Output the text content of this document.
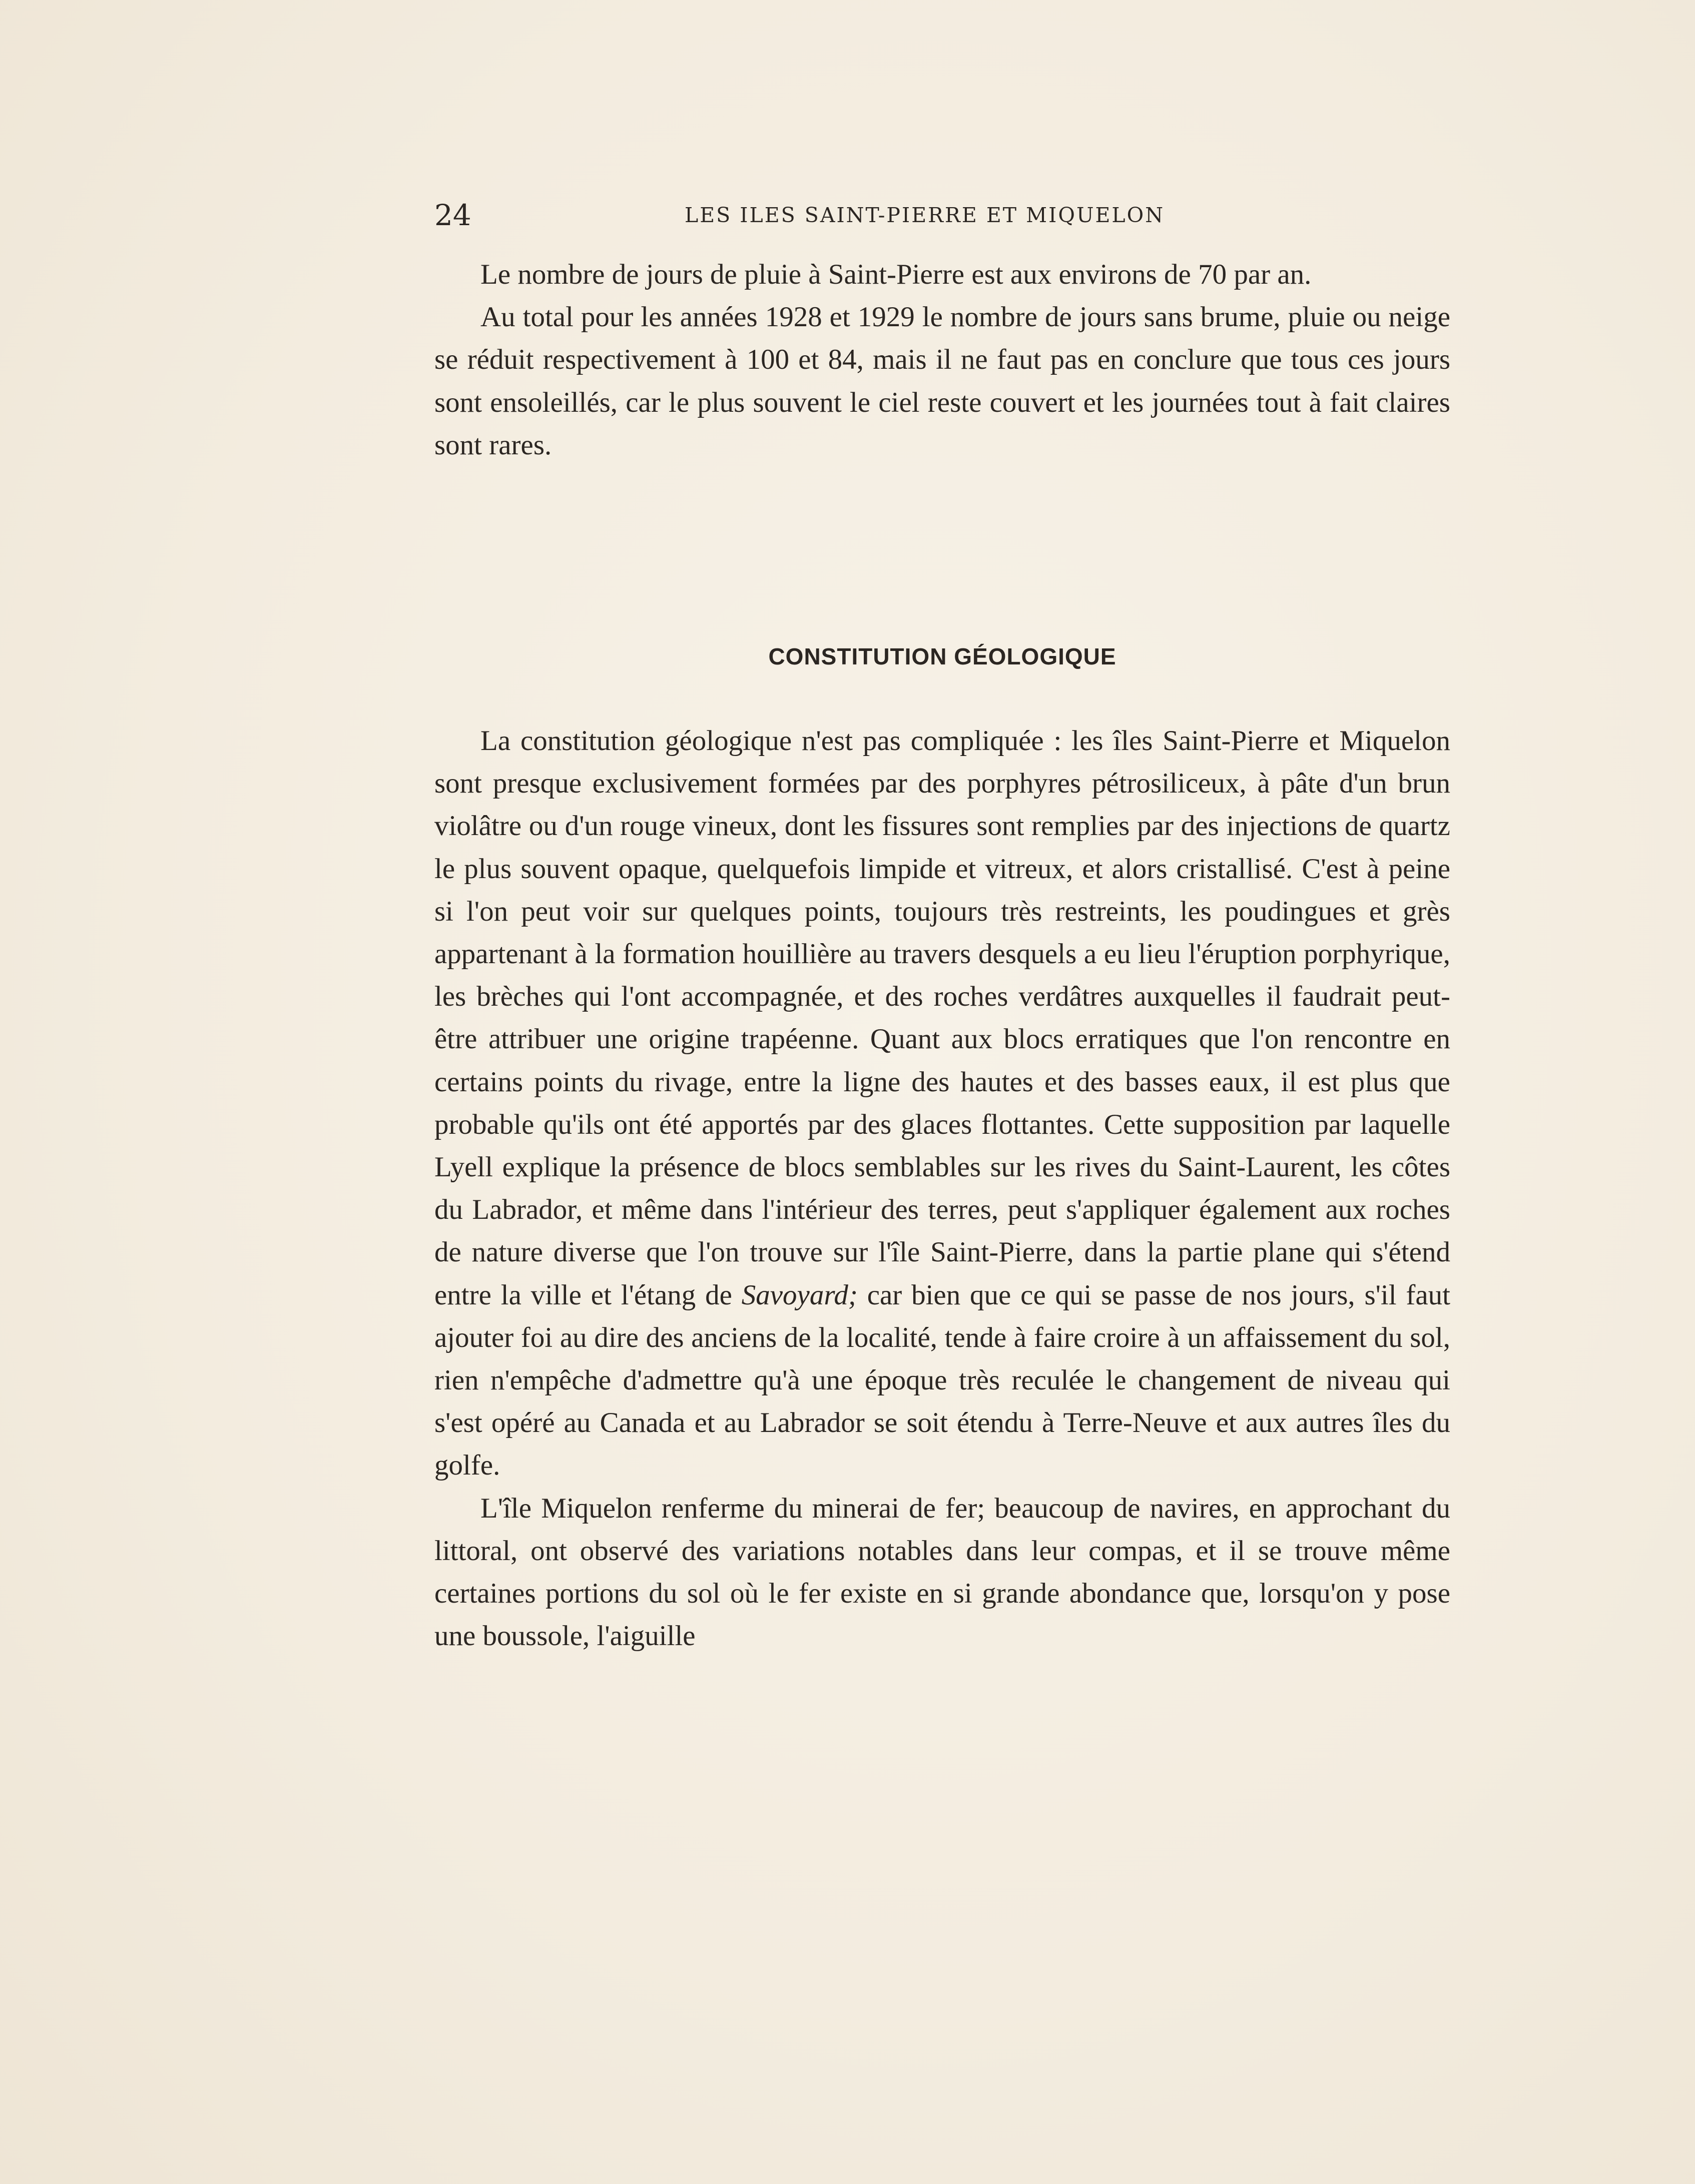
24	LES ILES SAINT-PIERRE ET MIQUELON

Le nombre de jours de pluie à Saint-Pierre est aux environs de 70 par an.

Au total pour les années 1928 et 1929 le nombre de jours sans brume, pluie ou neige se réduit respectivement à 100 et 84, mais il ne faut pas en conclure que tous ces jours sont ensoleillés, car le plus souvent le ciel reste couvert et les journées tout à fait claires sont rares.

CONSTITUTION GÉOLOGIQUE

La constitution géologique n'est pas compliquée : les îles Saint-Pierre et Miquelon sont presque exclusivement formées par des porphyres pétrosiliceux, à pâte d'un brun violâtre ou d'un rouge vineux, dont les fissures sont remplies par des injections de quartz le plus souvent opaque, quelquefois limpide et vitreux, et alors cristallisé. C'est à peine si l'on peut voir sur quelques points, toujours très restreints, les poudingues et grès appartenant à la formation houillière au travers desquels a eu lieu l'éruption porphyrique, les brèches qui l'ont accompagnée, et des roches verdâtres auxquelles il faudrait peut-être attribuer une origine trapéenne. Quant aux blocs erratiques que l'on rencontre en certains points du rivage, entre la ligne des hautes et des basses eaux, il est plus que probable qu'ils ont été apportés par des glaces flottantes. Cette supposition par laquelle Lyell explique la présence de blocs semblables sur les rives du Saint-Laurent, les côtes du Labrador, et même dans l'intérieur des terres, peut s'appliquer également aux roches de nature diverse que l'on trouve sur l'île Saint-Pierre, dans la partie plane qui s'étend entre la ville et l'étang de Savoyard; car bien que ce qui se passe de nos jours, s'il faut ajouter foi au dire des anciens de la localité, tende à faire croire à un affaissement du sol, rien n'empêche d'admettre qu'à une époque très reculée le changement de niveau qui s'est opéré au Canada et au Labrador se soit étendu à Terre-Neuve et aux autres îles du golfe.

L'île Miquelon renferme du minerai de fer; beaucoup de navires, en approchant du littoral, ont observé des variations notables dans leur compas, et il se trouve même certaines portions du sol où le fer existe en si grande abondance que, lorsqu'on y pose une boussole, l'aiguille
